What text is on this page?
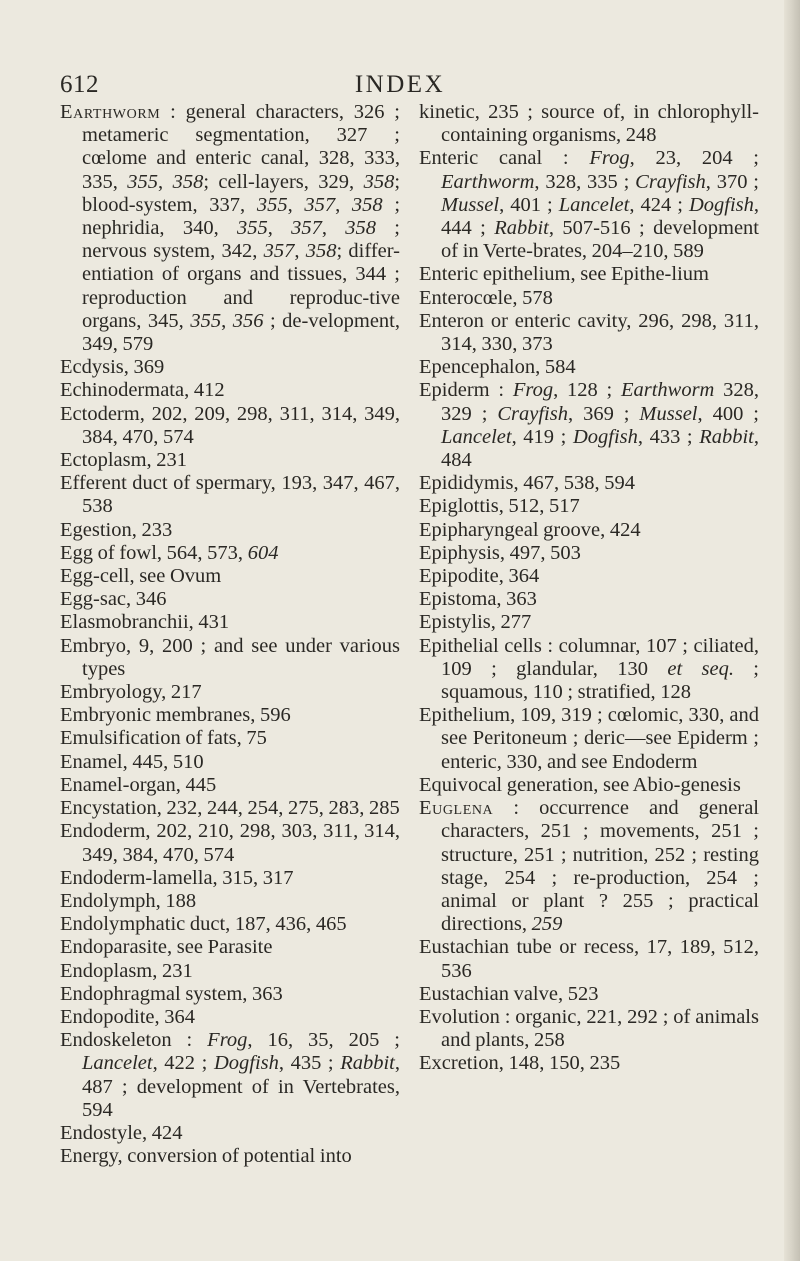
612	INDEX

Earthworm : general characters, 326 ; metameric segmentation, 327 ; cœlome and enteric canal, 328, 333, 335, 355, 358; cell-layers, 329, 358; blood-system, 337, 355, 357, 358 ; nephridia, 340, 355, 357, 358 ; nervous system, 342, 357, 358; differ-entiation of organs and tissues, 344 ; reproduction and reproduc-tive organs, 345, 355, 356 ; de-velopment, 349, 579

Ecdysis, 369

Echinodermata, 412

Ectoderm, 202, 209, 298, 311, 314, 349, 384, 470, 574

Ectoplasm, 231

Efferent duct of spermary, 193, 347, 467, 538

Egestion, 233

Egg of fowl, 564, 573, 604

Egg-cell, see Ovum

Egg-sac, 346

Elasmobranchii, 431

Embryo, 9, 200 ; and see under various types

Embryology, 217

Embryonic membranes, 596

Emulsification of fats, 75

Enamel, 445, 510

Enamel-organ, 445

Encystation, 232, 244, 254, 275, 283, 285

Endoderm, 202, 210, 298, 303, 311, 314, 349, 384, 470, 574

Endoderm-lamella, 315, 317

Endolymph, 188

Endolymphatic duct, 187, 436, 465

Endoparasite, see Parasite

Endoplasm, 231

Endophragmal system, 363

Endopodite, 364

Endoskeleton : Frog, 16, 35, 205 ; Lancelet, 422 ; Dogfish, 435 ; Rabbit, 487 ; development of in Vertebrates, 594

Endostyle, 424

Energy, conversion of potential into

kinetic, 235 ; source of, in chlorophyll-containing organisms, 248

Enteric canal : Frog, 23, 204 ; Earthworm, 328, 335 ; Crayfish, 370 ; Mussel, 401 ; Lancelet, 424 ; Dogfish, 444 ; Rabbit, 507-516 ; development of in Verte-brates, 204–210, 589

Enteric epithelium, see Epithe-lium

Enterocœle, 578

Enteron or enteric cavity, 296, 298, 311, 314, 330, 373

Epencephalon, 584

Epiderm : Frog, 128 ; Earthworm 328, 329 ; Crayfish, 369 ; Mussel, 400 ; Lancelet, 419 ; Dogfish, 433 ; Rabbit, 484

Epididymis, 467, 538, 594

Epiglottis, 512, 517

Epipharyngeal groove, 424

Epiphysis, 497, 503

Epipodite, 364

Epistoma, 363

Epistylis, 277

Epithelial cells : columnar, 107 ; ciliated, 109 ; glandular, 130 et seq. ; squamous, 110 ; stratified, 128

Epithelium, 109, 319 ; cœlomic, 330, and see Peritoneum ; deric—see Epiderm ; enteric, 330, and see Endoderm

Equivocal generation, see Abio-genesis

Euglena : occurrence and general characters, 251 ; movements, 251 ; structure, 251 ; nutrition, 252 ; resting stage, 254 ; re-production, 254 ; animal or plant ? 255 ; practical directions, 259

Eustachian tube or recess, 17, 189, 512, 536

Eustachian valve, 523

Evolution : organic, 221, 292 ; of animals and plants, 258

Excretion, 148, 150, 235
